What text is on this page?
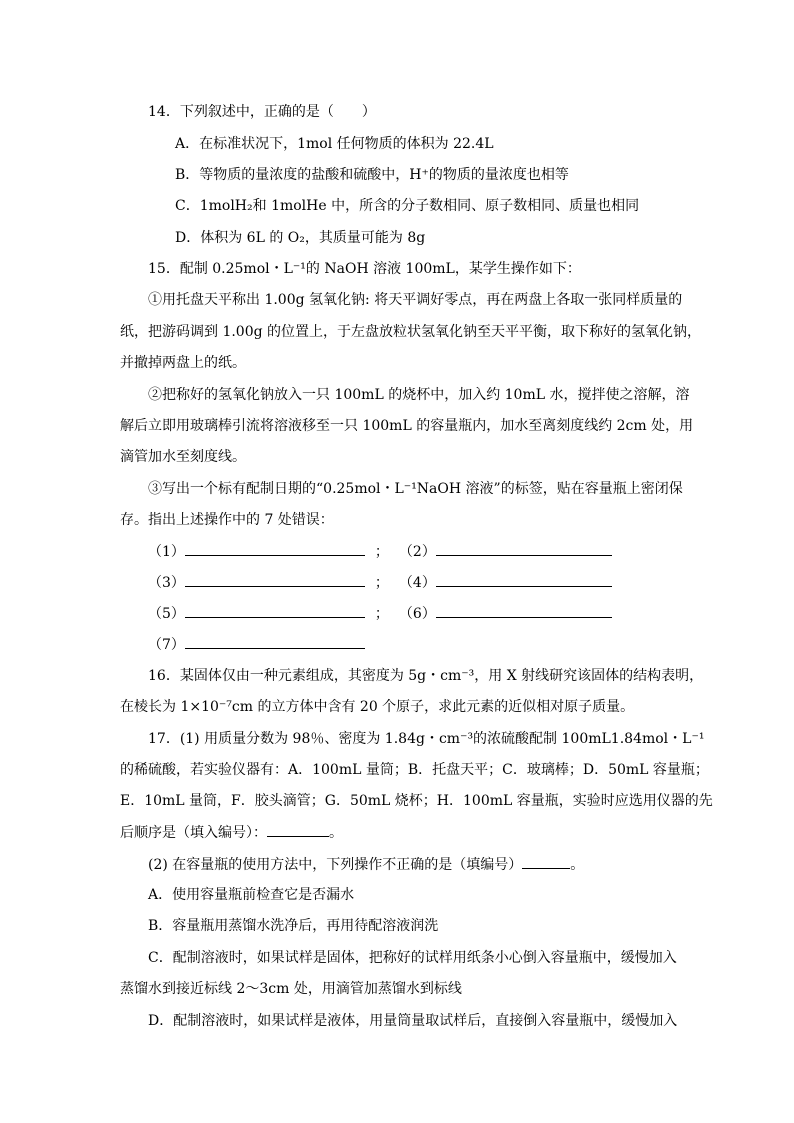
14．下列叙述中，正确的是（　　）
A．在标准状况下，1mol 任何物质的体积为 22.4L
B．等物质的量浓度的盐酸和硫酸中，H⁺的物质的量浓度也相等
C．1molH₂和 1molHe 中，所含的分子数相同、原子数相同、质量也相同
D．体积为 6L 的 O₂，其质量可能为 8g
15．配制 0.25mol・L⁻¹的 NaOH 溶液 100mL，某学生操作如下：
①用托盘天平称出 1.00g 氢氧化钠: 将天平调好零点，再在两盘上各取一张同样质量的
纸，把游码调到 1.00g 的位置上，于左盘放粒状氢氧化钠至天平平衡，取下称好的氢氧化钠，
并撤掉两盘上的纸。
②把称好的氢氧化钠放入一只 100mL 的烧杯中，加入约 10mL 水，搅拌使之溶解，溶
解后立即用玻璃棒引流将溶液移至一只 100mL 的容量瓶内，加水至离刻度线约 2cm 处，用
滴管加水至刻度线。
③写出一个标有配制日期的“0.25mol・L⁻¹NaOH 溶液”的标签，贴在容量瓶上密闭保
存。指出上述操作中的 7 处错误：
（1）	； （2）
（3）	； （4）
（5）	； （6）
（7）
16．某固体仅由一种元素组成，其密度为 5g・cm⁻³，用 X 射线研究该固体的结构表明，
在棱长为 1×10⁻⁷cm 的立方体中含有 20 个原子，求此元素的近似相对原子质量。
17．(1) 用质量分数为 98％、密度为 1.84g・cm⁻³的浓硫酸配制 100mL1.84mol・L⁻¹
的稀硫酸，若实验仪器有：A．100mL 量筒；B．托盘天平；C．玻璃棒；D．50mL 容量瓶；
E．10mL 量筒，F．胶头滴管；G．50mL 烧杯；H．100mL 容量瓶，实验时应选用仪器的先
后顺序是（填入编号）：	。
(2) 在容量瓶的使用方法中，下列操作不正确的是（填编号）	。
A．使用容量瓶前检查它是否漏水
B．容量瓶用蒸馏水洗净后，再用待配溶液润洗
C．配制溶液时，如果试样是固体，把称好的试样用纸条小心倒入容量瓶中，缓慢加入
蒸馏水到接近标线 2～3cm 处，用滴管加蒸馏水到标线
D．配制溶液时，如果试样是液体，用量筒量取试样后，直接倒入容量瓶中，缓慢加入
